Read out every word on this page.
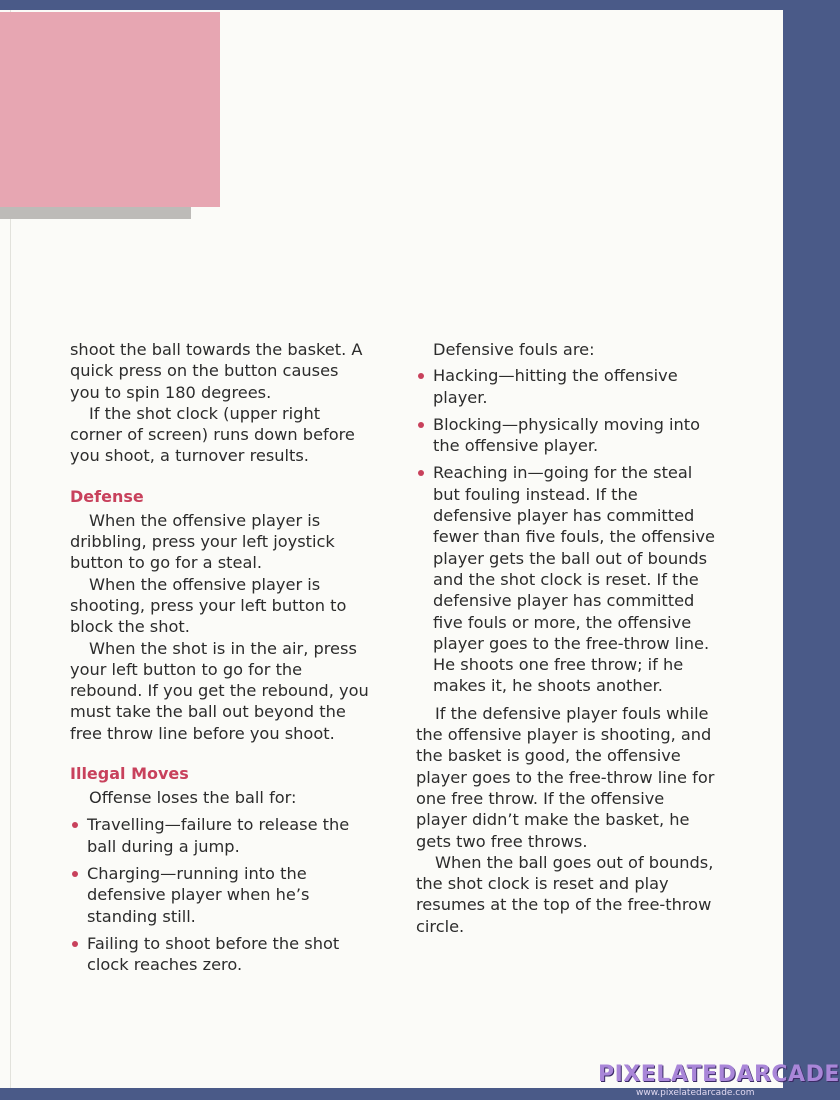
shoot the ball towards the basket. A quick press on the button causes you to spin 180 degrees.

If the shot clock (upper right corner of screen) runs down before you shoot, a turnover results.

Defense

When the offensive player is dribbling, press your left joystick button to go for a steal.

When the offensive player is shooting, press your left button to block the shot.

When the shot is in the air, press your left button to go for the rebound. If you get the rebound, you must take the ball out beyond the free throw line before you shoot.

Illegal Moves

Offense loses the ball for:

Travelling—failure to release the ball during a jump.
Charging—running into the defensive player when he’s standing still.
Failing to shoot before the shot clock reaches zero.

Defensive fouls are:

Hacking—hitting the offensive player.
Blocking—physically moving into the offensive player.
Reaching in—going for the steal but fouling instead. If the defensive player has committed fewer than five fouls, the offensive player gets the ball out of bounds and the shot clock is reset. If the defensive player has committed five fouls or more, the offensive player goes to the free-throw line. He shoots one free throw; if he makes it, he shoots another.

If the defensive player fouls while the offensive player is shooting, and the basket is good, the offensive player goes to the free-throw line for one free throw. If the offensive player didn’t make the basket, he gets two free throws.

When the ball goes out of bounds, the shot clock is reset and play resumes at the top of the free-throw circle.

PIXELATEDARCADE
www.pixelatedarcade.com
